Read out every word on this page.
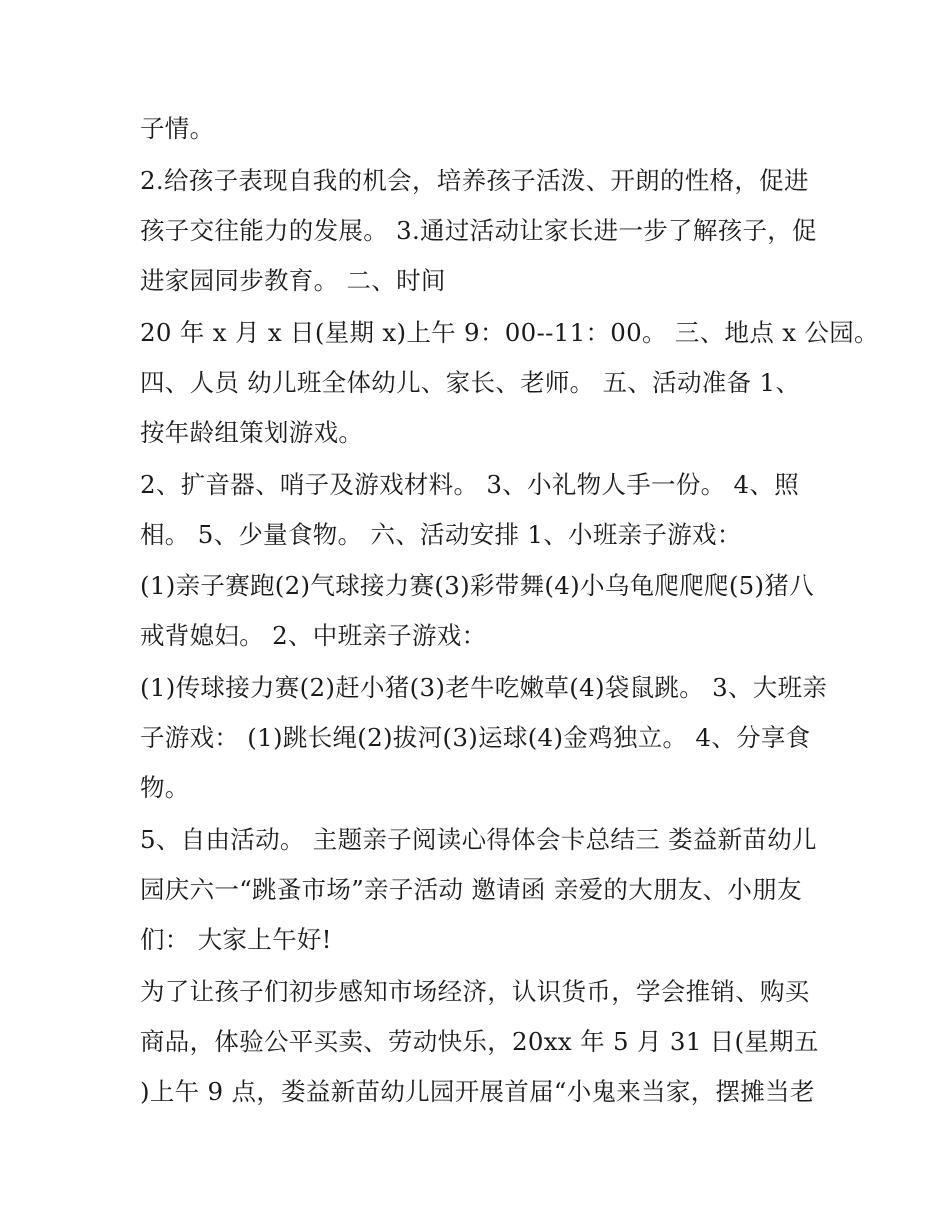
子情。
2.给孩子表现自我的机会，培养孩子活泼、开朗的性格，促进
孩子交往能力的发展。 3.通过活动让家长进一步了解孩子，促
进家园同步教育。 二、时间
20 年 x 月 x 日(星期 x)上午 9：00--11：00。 三、地点 x 公园。
四、人员 幼儿班全体幼儿、家长、老师。 五、活动准备 1、
按年龄组策划游戏。
2、扩音器、哨子及游戏材料。 3、小礼物人手一份。 4、照
相。 5、少量食物。 六、活动安排 1、小班亲子游戏：
(1)亲子赛跑(2)气球接力赛(3)彩带舞(4)小乌龟爬爬爬(5)猪八
戒背媳妇。 2、中班亲子游戏：
(1)传球接力赛(2)赶小猪(3)老牛吃嫩草(4)袋鼠跳。 3、大班亲
子游戏： (1)跳长绳(2)拔河(3)运球(4)金鸡独立。 4、分享食
物。
5、自由活动。 主题亲子阅读心得体会卡总结三 娄益新苗幼儿
园庆六一“跳蚤市场”亲子活动 邀请函 亲爱的大朋友、小朋友
们： 大家上午好!
为了让孩子们初步感知市场经济，认识货币，学会推销、购买
商品，体验公平买卖、劳动快乐，20xx 年 5 月 31 日(星期五
)上午 9 点，娄益新苗幼儿园开展首届“小鬼来当家，摆摊当老
